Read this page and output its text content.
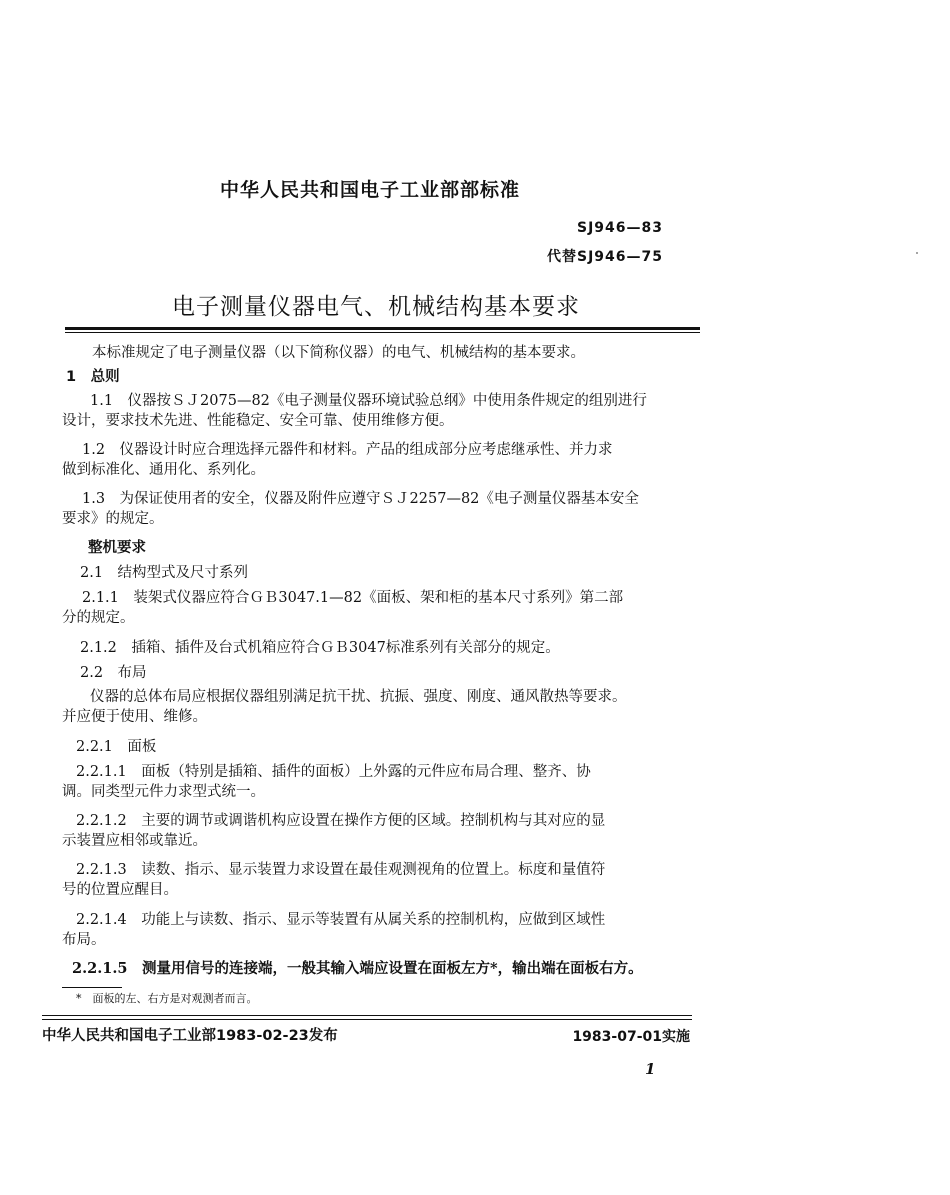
中华人民共和国电子工业部部标准
SJ946—83
代替SJ946—75
电子测量仪器电气、机械结构基本要求
本标准规定了电子测量仪器（以下简称仪器）的电气、机械结构的基本要求。
1　总则
1.1　仪器按ＳＪ2075—82《电子测量仪器环境试验总纲》中使用条件规定的组别进行
设计，要求技术先进、性能稳定、安全可靠、使用维修方便。
1.2　仪器设计时应合理选择元器件和材料。产品的组成部分应考虑继承性、并力求
做到标准化、通用化、系列化。
1.3　为保证使用者的安全，仪器及附件应遵守ＳＪ2257—82《电子测量仪器基本安全
要求》的规定。
整机要求
2.1　结构型式及尺寸系列
2.1.1　装架式仪器应符合ＧＢ3047.1—82《面板、架和柜的基本尺寸系列》第二部
分的规定。
2.1.2　插箱、插件及台式机箱应符合ＧＢ3047标准系列有关部分的规定。
2.2　布局
仪器的总体布局应根据仪器组别满足抗干扰、抗振、强度、刚度、通风散热等要求。
并应便于使用、维修。
2.2.1　面板
2.2.1.1　面板（特别是插箱、插件的面板）上外露的元件应布局合理、整齐、协
调。同类型元件力求型式统一。
2.2.1.2　主要的调节或调谐机构应设置在操作方便的区域。控制机构与其对应的显
示装置应相邻或靠近。
2.2.1.3　读数、指示、显示装置力求设置在最佳观测视角的位置上。标度和量值符
号的位置应醒目。
2.2.1.4　功能上与读数、指示、显示等装置有从属关系的控制机构，应做到区域性
布局。
2.2.1.5　测量用信号的连接端，一般其输入端应设置在面板左方*，输出端在面板右方。
*　面板的左、右方是对观测者而言。
中华人民共和国电子工业部1983-02-23发布	1983-07-01实施
1
